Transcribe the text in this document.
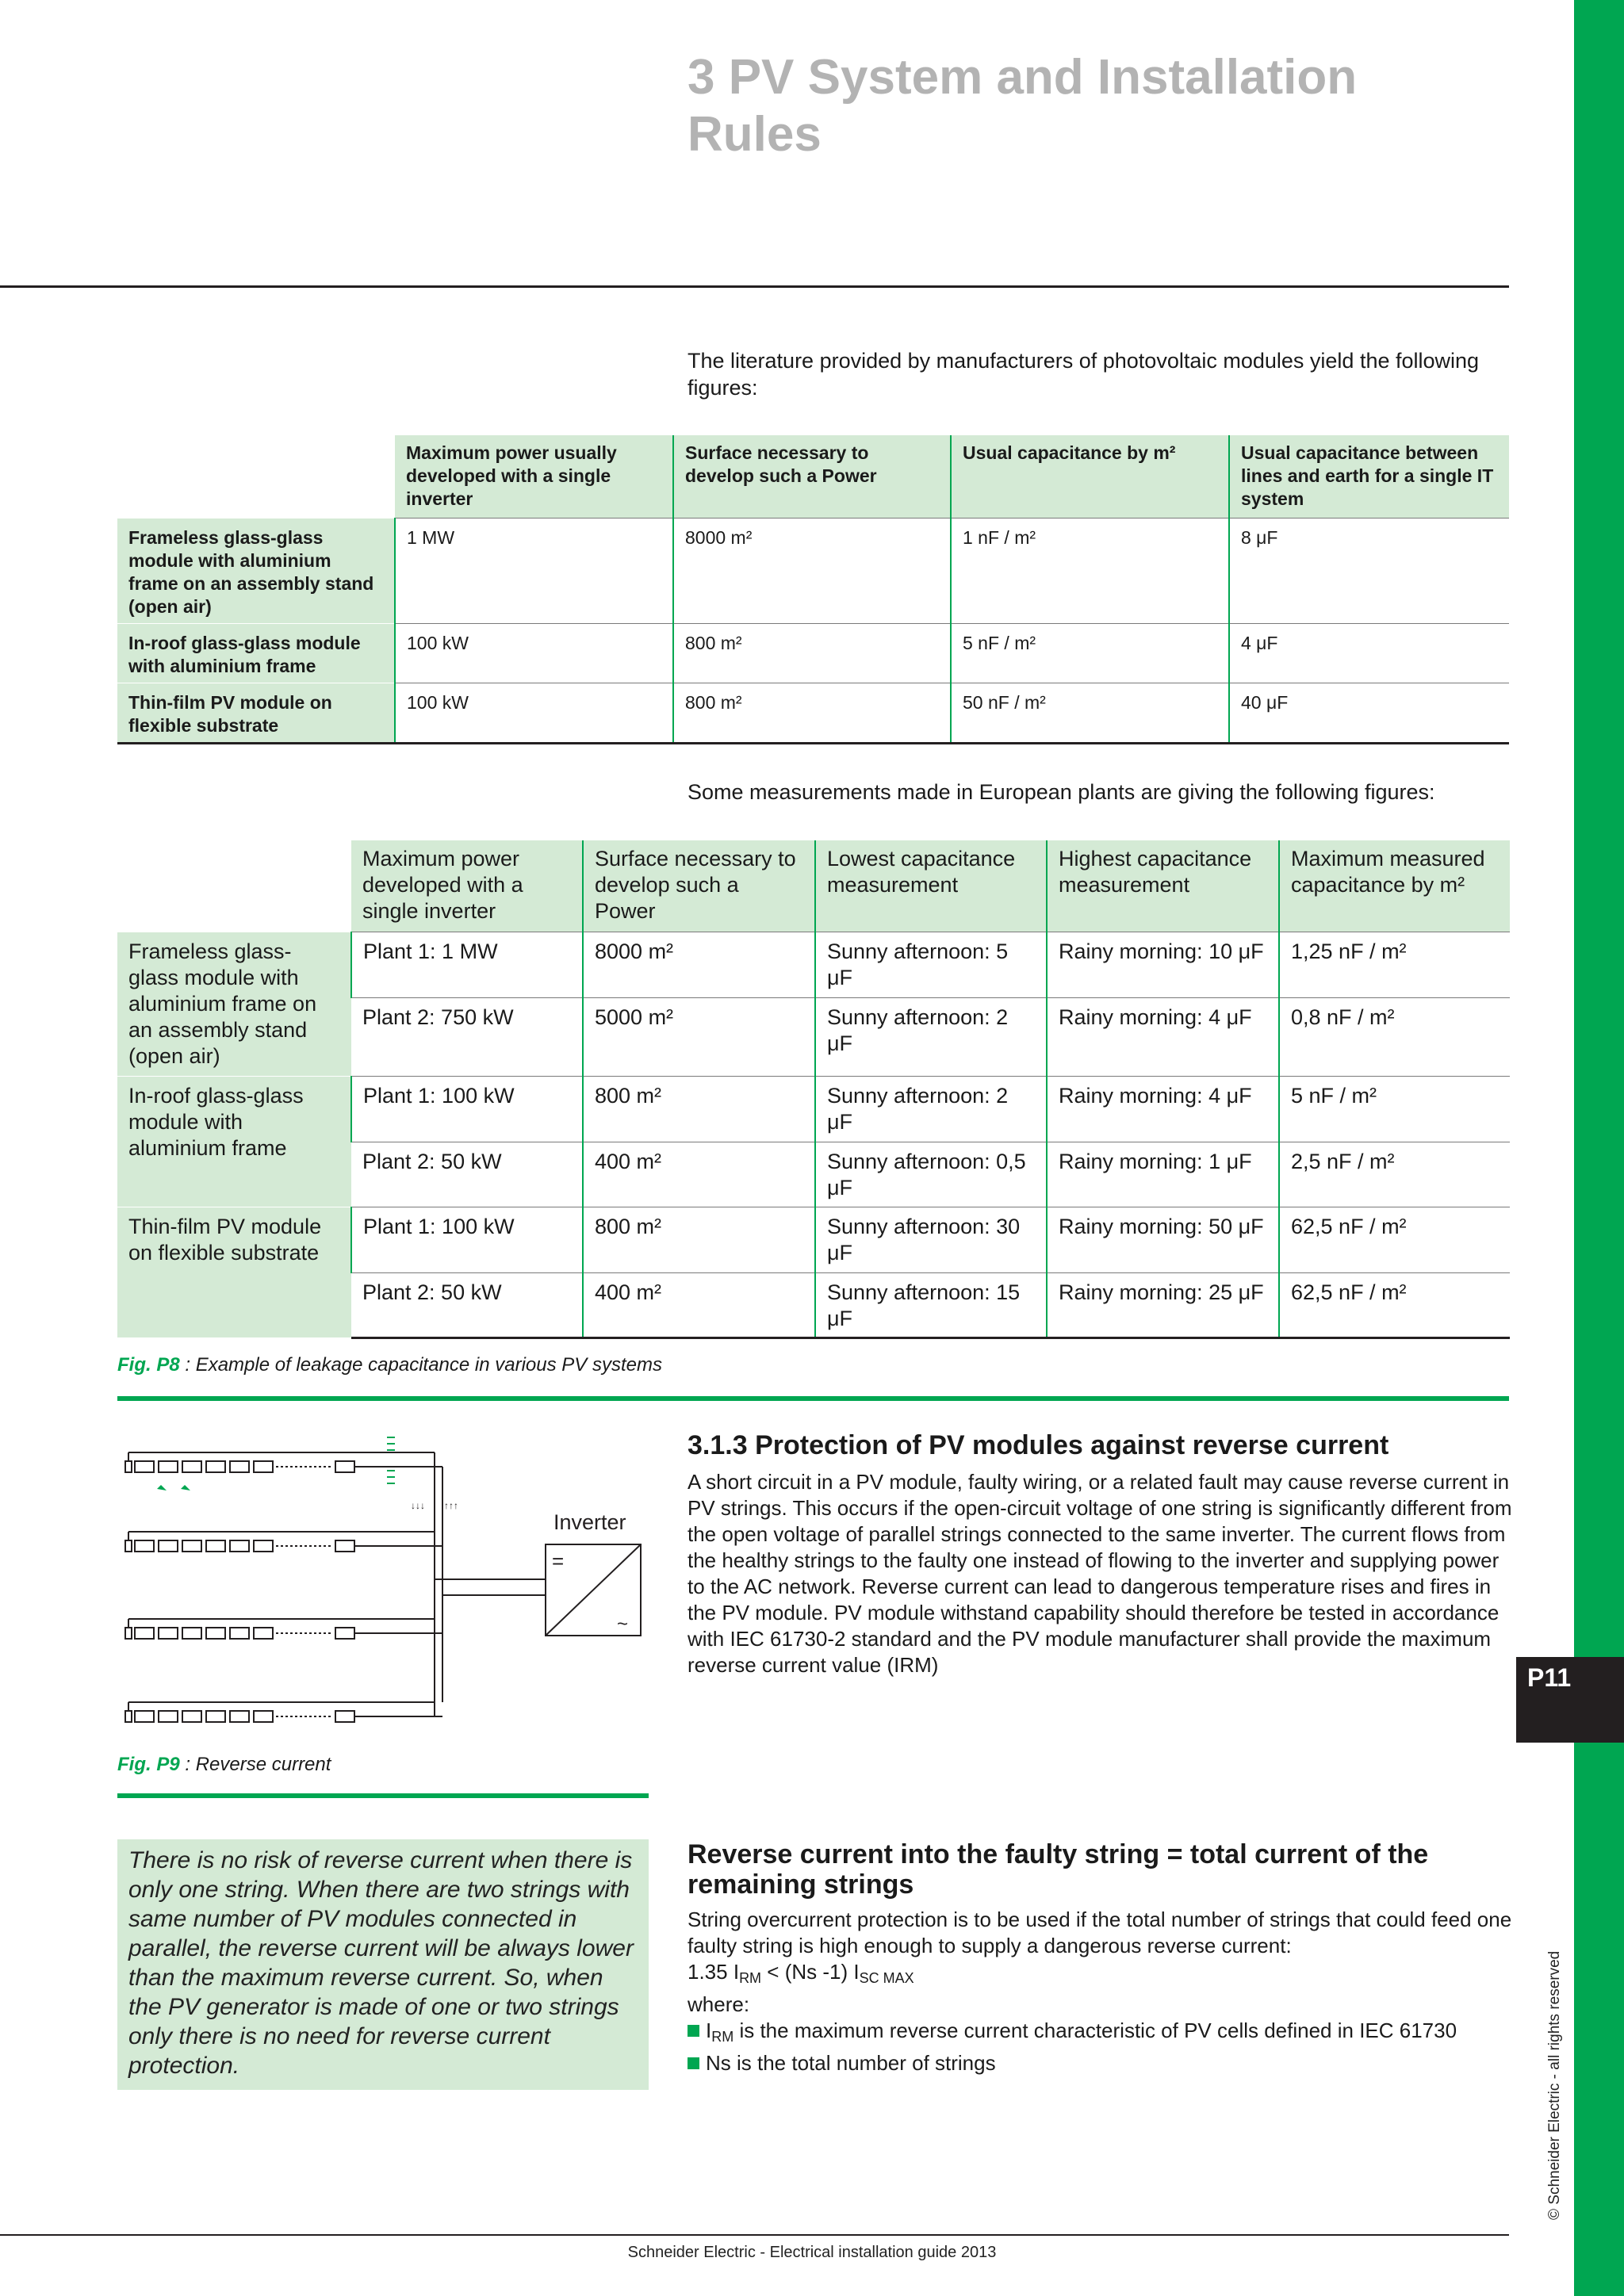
P11
© Schneider Electric - all rights reserved
3 PV System and Installation Rules
The literature provided by manufacturers of photovoltaic modules yield the following figures:
	Maximum power usually developed with a single inverter	Surface necessary to develop such a Power	Usual capacitance by m²	Usual capacitance between lines and earth for a single IT system
Frameless glass-glass module with aluminium frame on an assembly stand (open air)	1 MW	8000 m²	1 nF / m²	8 μF
In-roof glass-glass module with aluminium frame	100 kW	800 m²	5 nF / m²	4 μF
Thin-film PV module on flexible substrate	100 kW	800 m²	50 nF / m²	40 μF
Some measurements made in European plants are giving the following figures:
	Maximum power developed with a single inverter	Surface necessary to develop such a Power	Lowest capacitance measurement	Highest capacitance measurement	Maximum measured capacitance by m²
Frameless glass-glass module with aluminium frame on an assembly stand (open air)	Plant 1: 1 MW	8000 m²	Sunny afternoon: 5 μF	Rainy morning: 10 μF	1,25 nF / m²
	Plant 2: 750 kW	5000 m²	Sunny afternoon: 2 μF	Rainy morning: 4 μF	0,8 nF / m²
In-roof glass-glass module with aluminium frame	Plant 1: 100 kW	800 m²	Sunny afternoon: 2 μF	Rainy morning: 4 μF	5 nF / m²
	Plant 2: 50 kW	400 m²	Sunny afternoon: 0,5 μF	Rainy morning: 1 μF	2,5 nF / m²
Thin-film PV module on flexible substrate	Plant 1: 100 kW	800 m²	Sunny afternoon: 30 μF	Rainy morning: 50 μF	62,5 nF / m²
	Plant 2: 50 kW	400 m²	Sunny afternoon: 15 μF	Rainy morning: 25 μF	62,5 nF / m²
Fig. P8 : Example of leakage capacitance in various PV systems
↓↓↓ ↑↑↑
Inverter
=
~
Fig. P9 : Reverse current
3.1.3 Protection of PV modules against reverse current
A short circuit in a PV module, faulty wiring, or a related fault may cause reverse current in PV strings. This occurs if the open-circuit voltage of one string is significantly different from the open voltage of parallel strings connected to the same inverter. The current flows from the healthy strings to the faulty one instead of flowing to the inverter and supplying power to the AC network. Reverse current can lead to dangerous temperature rises and fires in the PV module. PV module withstand capability should therefore be tested in accordance with IEC 61730-2 standard and the PV module manufacturer shall provide the maximum reverse current value (IRM)
There is no risk of reverse current when there is only one string. When there are two strings with same number of PV modules connected in parallel, the reverse current will be always lower than the maximum reverse current. So, when the PV generator is made of one or two strings only there is no need for reverse current protection.
Reverse current into the faulty string = total current of the remaining strings
String overcurrent protection is to be used if the total number of strings that could feed one faulty string is high enough to supply a dangerous reverse current:
1.35 $I_{RM} < (Ns$ -1) $I_{SC MAX}$
where:
$I_{RM}$ is the maximum reverse current characteristic of PV cells defined in IEC 61730
Ns is the total number of strings
Schneider Electric - Electrical installation guide 2013
